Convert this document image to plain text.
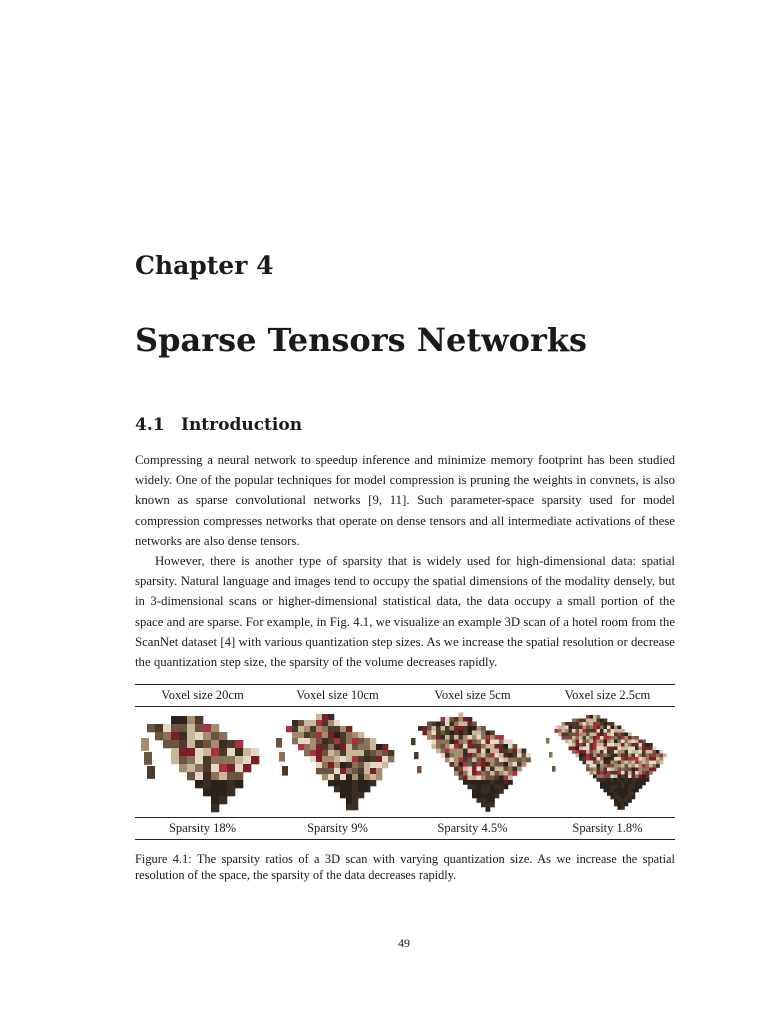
Chapter 4
Sparse Tensors Networks
4.1 Introduction

Compressing a neural network to speedup inference and minimize memory footprint has been studied widely. One of the popular techniques for model compression is pruning the weights in convnets, is also known as sparse convolutional networks [9, 11]. Such parameter-space sparsity used for model compression compresses networks that operate on dense tensors and all intermediate activations of these networks are also dense tensors.

However, there is another type of sparsity that is widely used for high-dimensional data: spatial sparsity. Natural language and images tend to occupy the spatial dimensions of the modality densely, but in 3-dimensional scans or higher-dimensional statistical data, the data occupy a small portion of the space and are sparse. For example, in Fig. 4.1, we visualize an example 3D scan of a hotel room from the ScanNet dataset [4] with various quantization step sizes. As we increase the spatial resolution or decrease the quantization step size, the sparsity of the volume decreases rapidly.

Voxel size 20cm	Voxel size 10cm	Voxel size 5cm	Voxel size 2.5cm
Sparsity 18%	Sparsity 9%	Sparsity 4.5%	Sparsity 1.8%

Figure 4.1: The sparsity ratios of a 3D scan with varying quantization size. As we increase the spatial resolution of the space, the sparsity of the data decreases rapidly.

49
